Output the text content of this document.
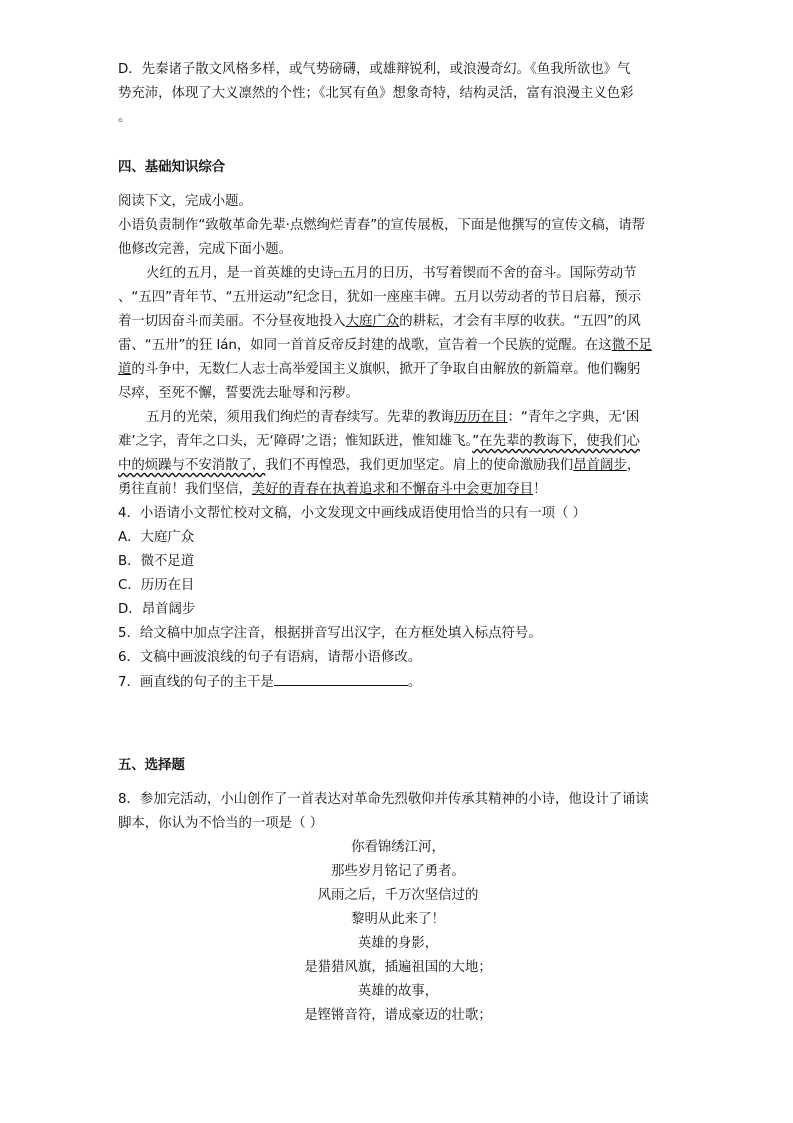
D．先秦诸子散文风格多样，或气势磅礴，或雄辩锐利，或浪漫奇幻。《鱼我所欲也》气
势充沛，体现了大义凛然的个性；《北冥有鱼》想象奇特，结构灵活，富有浪漫主义色彩
。
四、基础知识综合
阅读下文，完成小题。
小语负责制作“致敬革命先辈·点燃绚烂青春”的宣传展板，下面是他撰写的宣传文稿，请帮
他修改完善，完成下面小题。
火红的五月，是一首英雄的史诗□五月的日历，书写着锲而不舍的奋斗。国际劳动节
、“五四”青年节、“五卅运动”纪念日，犹如一座座丰碑。五月以劳动者的节日启幕，预示
着一切因奋斗而美丽。不分昼夜地投入大庭广众的耕耘，才会有丰厚的收获。“五四”的风
雷、“五卅”的狂 lán，如同一首首反帝反封建的战歌，宣告着一个民族的觉醒。在这微不足
道的斗争中，无数仁人志士高举爱国主义旗帜，掀开了争取自由解放的新篇章。他们鞠躬
尽瘁，至死不懈，誓要洗去耻辱和污秽。
五月的光荣，须用我们绚烂的青春续写。先辈的教诲历历在目：“青年之字典，无‘困
难’之字，青年之口头，无‘障碍’之语；惟知跃进，惟知雄飞。”在先辈的教诲下，使我们心
中的烦躁与不安消散了，我们不再惶恐，我们更加坚定。肩上的使命激励我们昂首阔步，
勇往直前！我们坚信，美好的青春在执着追求和不懈奋斗中会更加夺目！
4．小语请小文帮忙校对文稿，小文发现文中画线成语使用恰当的只有一项（ ）
A．大庭广众
B．微不足道
C．历历在目
D．昂首阔步
5．给文稿中加点字注音，根据拼音写出汉字，在方框处填入标点符号。
6．文稿中画波浪线的句子有语病，请帮小语修改。
7．画直线的句子的主干是	。
五、选择题
8．参加完活动，小山创作了一首表达对革命先烈敬仰并传承其精神的小诗，他设计了诵读
脚本，你认为不恰当的一项是（ ）
你看锦绣江河，
那些岁月铭记了勇者。
风雨之后，千万次坚信过的
黎明从此来了！
英雄的身影，
是猎猎风旗，插遍祖国的大地；
英雄的故事，
是铿锵音符，谱成豪迈的壮歌；
